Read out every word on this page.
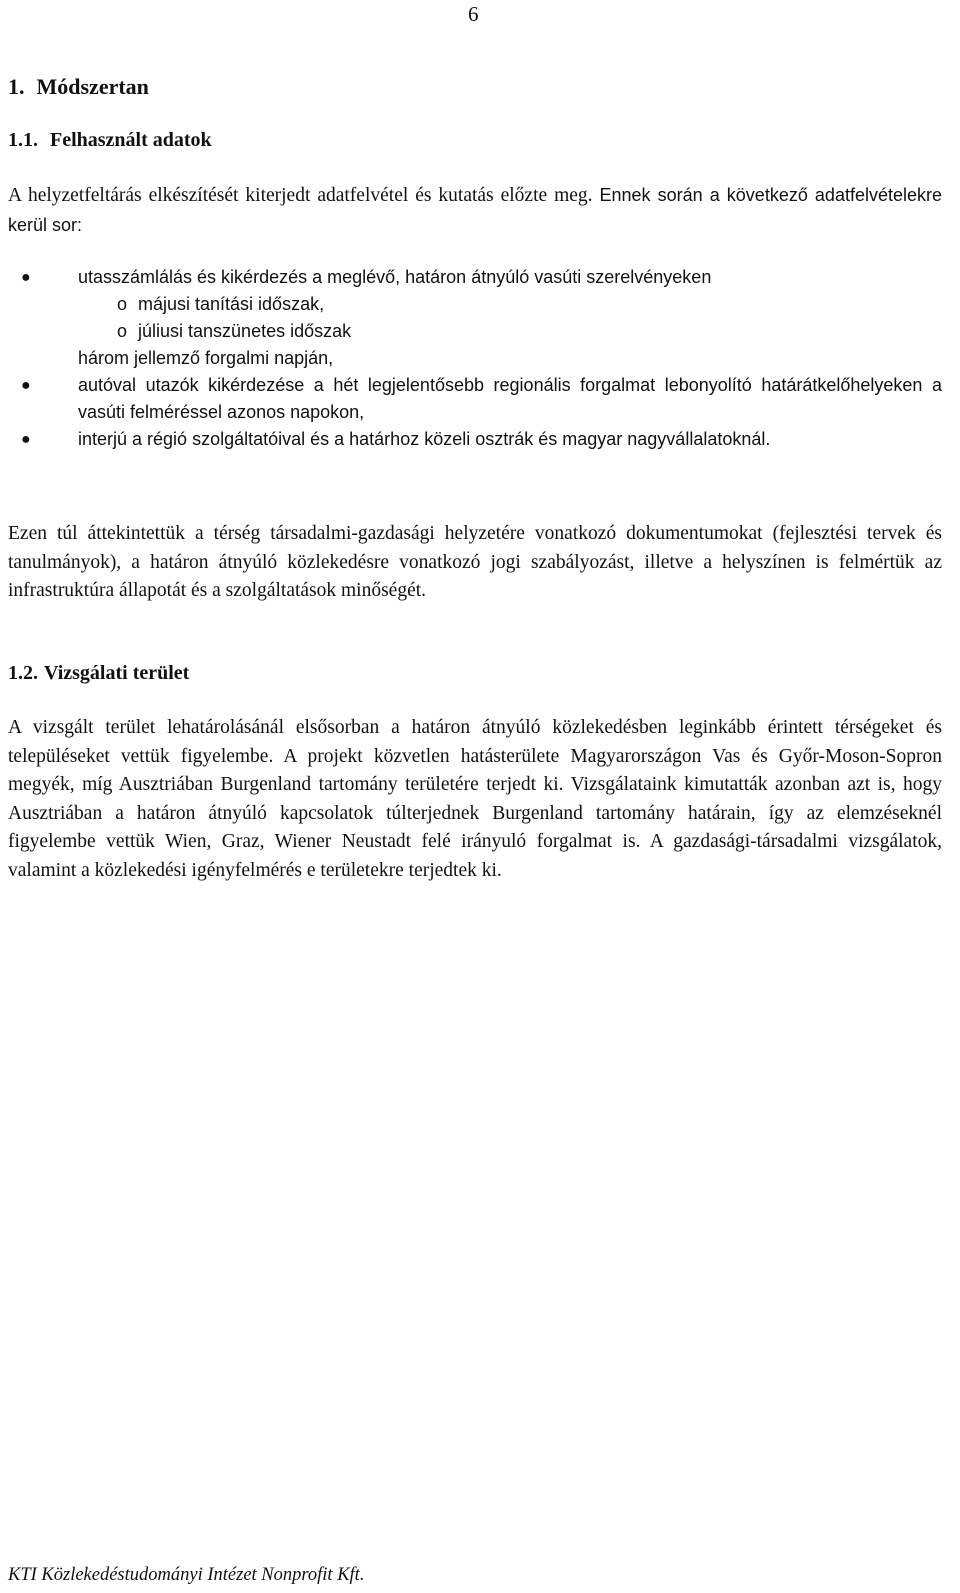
6
1. Módszertan
1.1. Felhasznált adatok

A helyzetfeltárás elkészítését kiterjedt adatfelvétel és kutatás előzte meg. Ennek során a következő adatfelvételekre kerül sor:

●	utasszámlálás és kikérdezés a meglévő, határon átnyúló vasúti szerelvényeken
o májusi tanítási időszak,
o júliusi tanszünetes időszak
három jellemző forgalmi napján,
●	autóval utazók kikérdezése a hét legjelentősebb regionális forgalmat lebonyolító határátkelőhelyeken a vasúti felméréssel azonos napokon,
●	interjú a régió szolgáltatóival és a határhoz közeli osztrák és magyar nagyvállalatoknál.

Ezen túl áttekintettük a térség társadalmi-gazdasági helyzetére vonatkozó dokumentumokat (fejlesztési tervek és tanulmányok), a határon átnyúló közlekedésre vonatkozó jogi szabályozást, illetve a helyszínen is felmértük az infrastruktúra állapotát és a szolgáltatások minőségét.

1.2. Vizsgálati terület

A vizsgált terület lehatárolásánál elsősorban a határon átnyúló közlekedésben leginkább érintett térségeket és településeket vettük figyelembe. A projekt közvetlen hatásterülete Magyarországon Vas és Győr-Moson-Sopron megyék, míg Ausztriában Burgenland tartomány területére terjedt ki. Vizsgálataink kimutatták azonban azt is, hogy Ausztriában a határon átnyúló kapcsolatok túlterjednek Burgenland tartomány határain, így az elemzéseknél figyelembe vettük Wien, Graz, Wiener Neustadt felé irányuló forgalmat is. A gazdasági-társadalmi vizsgálatok, valamint a közlekedési igényfelmérés e területekre terjedtek ki.

KTI Közlekedéstudományi Intézet Nonprofit Kft.
